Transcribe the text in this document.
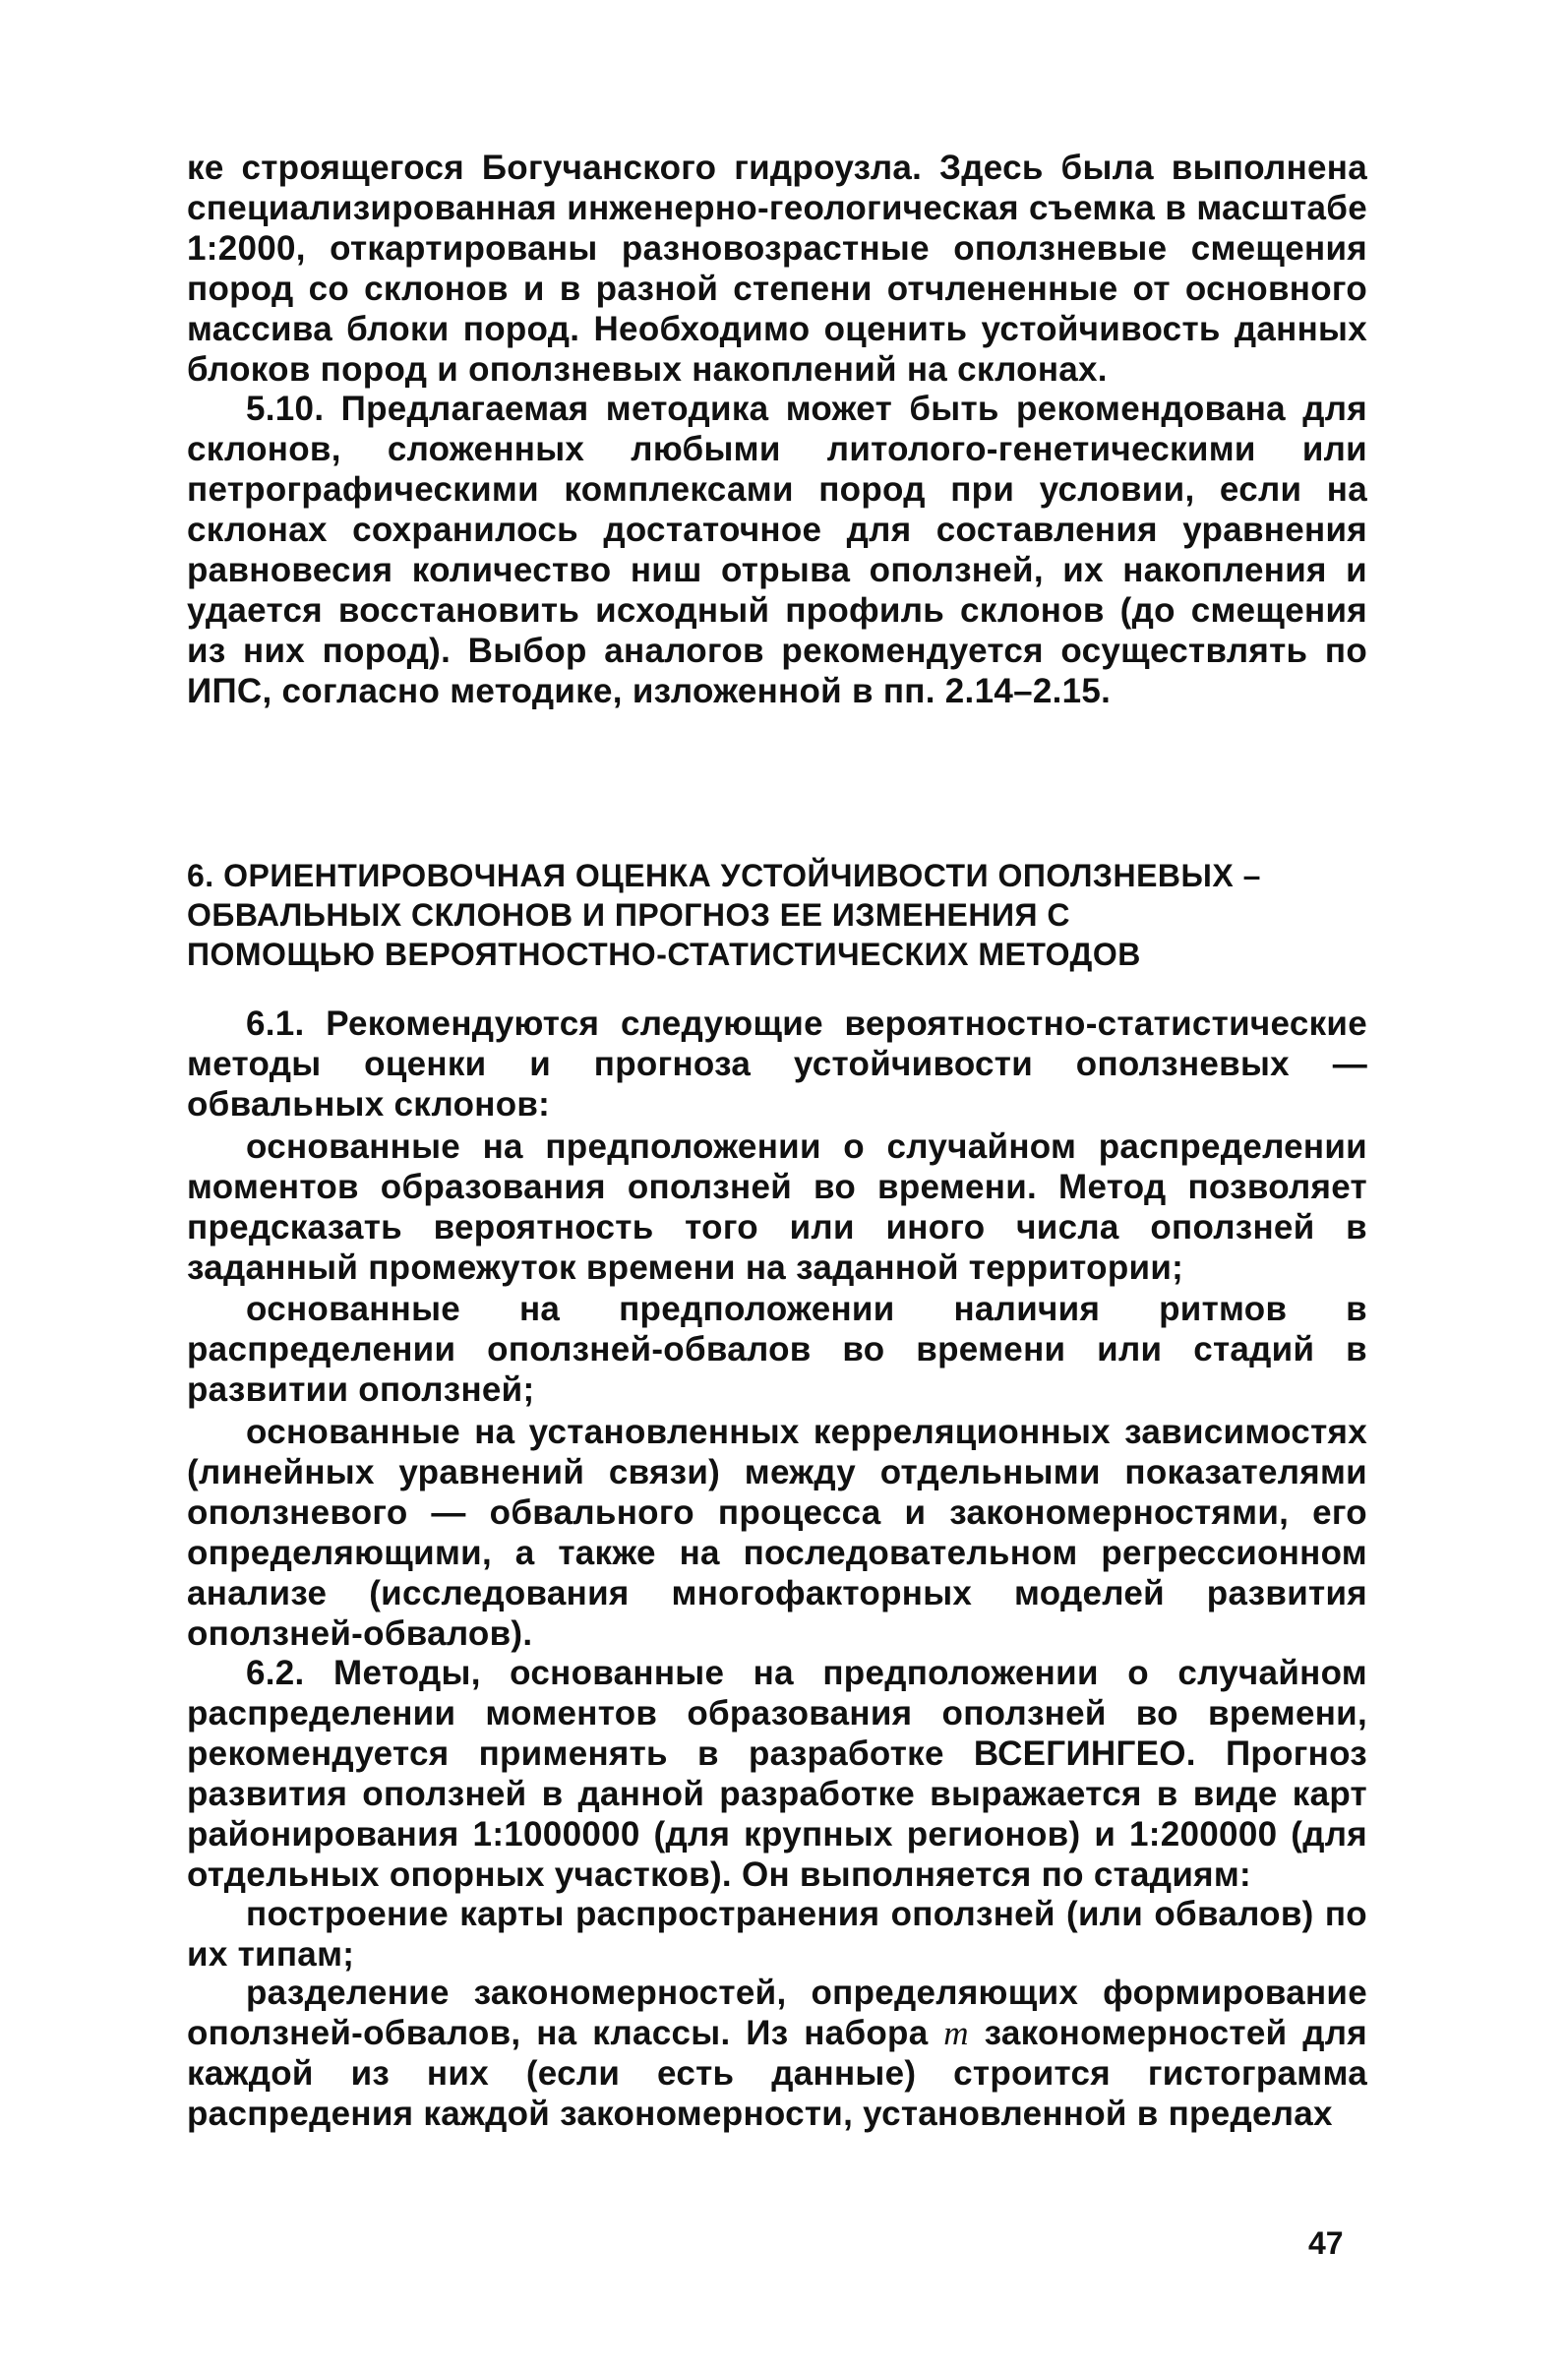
ке строящегося Богучанского гидроузла. Здесь была выполнена специализированная инженерно-геологическая съемка в масштабе 1:2000, откартированы разновозрастные оползневые смещения пород со склонов и в разной степени отчлененные от основного массива блоки пород. Необходимо оценить устойчивость данных блоков пород и оползневых накоплений на склонах.

5.10. Предлагаемая методика может быть рекомендована для склонов, сложенных любыми литолого-генетическими или петрографическими комплексами пород при условии, если на склонах сохранилось достаточное для составления уравнения равновесия количество ниш отрыва оползней, их накопления и удается восстановить исходный профиль склонов (до смещения из них пород). Выбор аналогов рекомендуется осуществлять по ИПС, согласно методике, изложенной в пп. 2.14–2.15.

6. ОРИЕНТИРОВОЧНАЯ ОЦЕНКА УСТОЙЧИВОСТИ ОПОЛЗНЕВЫХ –
ОБВАЛЬНЫХ СКЛОНОВ И ПРОГНОЗ ЕЕ ИЗМЕНЕНИЯ С
ПОМОЩЬЮ ВЕРОЯТНОСТНО-СТАТИСТИЧЕСКИХ МЕТОДОВ

6.1. Рекомендуются следующие вероятностно-статистические методы оценки и прогноза устойчивости оползневых — обвальных склонов:

основанные на предположении о случайном распределении моментов образования оползней во времени. Метод позволяет предсказать вероятность того или иного числа оползней в заданный промежуток времени на заданной территории;

основанные на предположении наличия ритмов в распределении оползней-обвалов во времени или стадий в развитии оползней;

основанные на установленных керреляционных зависимостях (линейных уравнений связи) между отдельными показателями оползневого — обвального процесса и закономерностями, его определяющими, а также на последовательном регрессионном анализе (исследования многофакторных моделей развития оползней-обвалов).

6.2. Методы, основанные на предположении о случайном распределении моментов образования оползней во времени, рекомендуется применять в разработке ВСЕГИНГЕО. Прогноз развития оползней в данной разработке выражается в виде карт районирования 1:1000000 (для крупных регионов) и 1:200000 (для отдельных опорных участков). Он выполняется по стадиям:

построение карты распространения оползней (или обвалов) по их типам;

разделение закономерностей, определяющих формирование оползней-обвалов, на классы. Из набора m закономерностей для каждой из них (если есть данные) строится гистограмма распредения каждой закономерности, установленной в пределах

47
